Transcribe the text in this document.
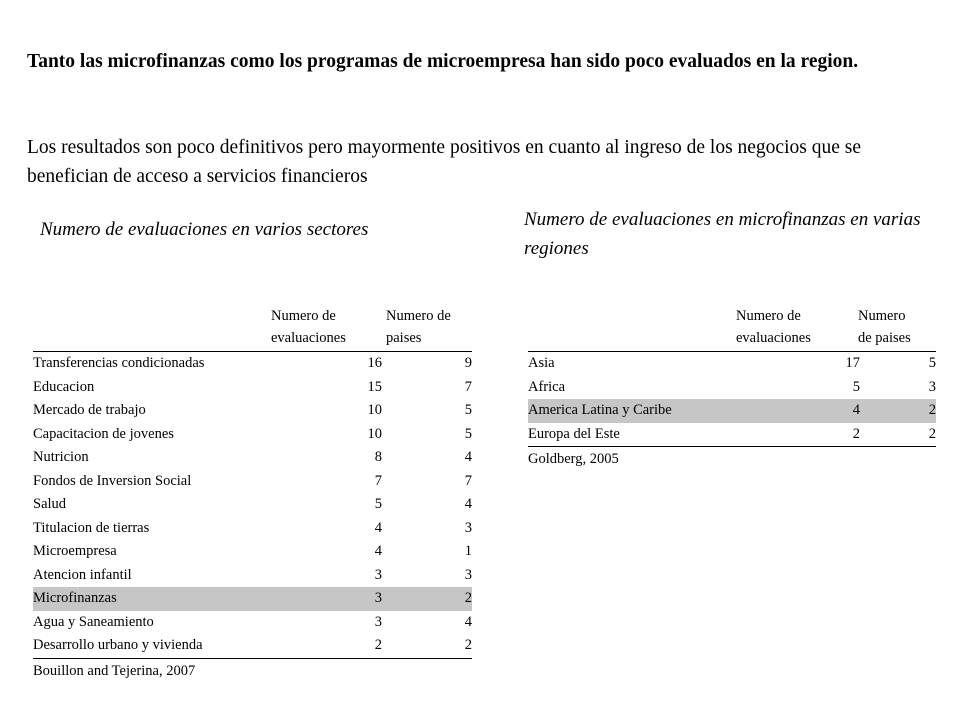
Tanto las microfinanzas como los programas de microempresa han sido poco evaluados en la region.

Los resultados son poco definitivos pero mayormente positivos en cuanto al ingreso de los negocios que se benefician de acceso a servicios financieros

Numero de evaluaciones en varios sectores	Numero de evaluaciones en microfinanzas en varias regiones

Numero de
evaluaciones
Numero de
paises
Transferencias condicionadas	16	9
Educacion	15	7
Mercado de trabajo	10	5
Capacitacion de jovenes	10	5
Nutricion	8	4
Fondos de Inversion Social	7	7
Salud	5	4
Titulacion de tierras	4	3
Microempresa	4	1
Atencion infantil	3	3
Microfinanzas	3	2
Agua y Saneamiento	3	4
Desarrollo urbano y vivienda	2	2
Bouillon and Tejerina, 2007
Numero de
evaluaciones
Numero
de paises
Asia	17	5
Africa	5	3
America Latina y Caribe	4	2
Europa del Este	2	2
Goldberg, 2005
